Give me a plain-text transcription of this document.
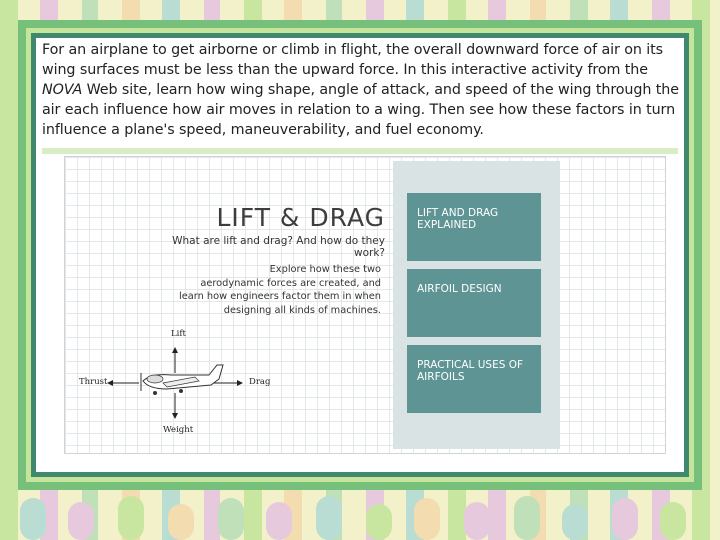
For an airplane to get airborne or climb in flight, the overall downward force of air on its wing surfaces must be less than the upward force. In this interactive activity from the NOVA Web site, learn how wing shape, angle of attack, and speed of the wing through the air each influence how air moves in relation to a wing. Then see how these factors in turn influence a plane's speed, maneuverability, and fuel economy.
LIFT & DRAG
What are lift and drag? And how do they work?
Explore how these two
aerodynamic forces are created, and
learn how engineers factor them in when
designing all kinds of machines.
Lift
Thrust	Drag
Weight
LIFT AND DRAG EXPLAINED
AIRFOIL DESIGN
PRACTICAL USES OF AIRFOILS
